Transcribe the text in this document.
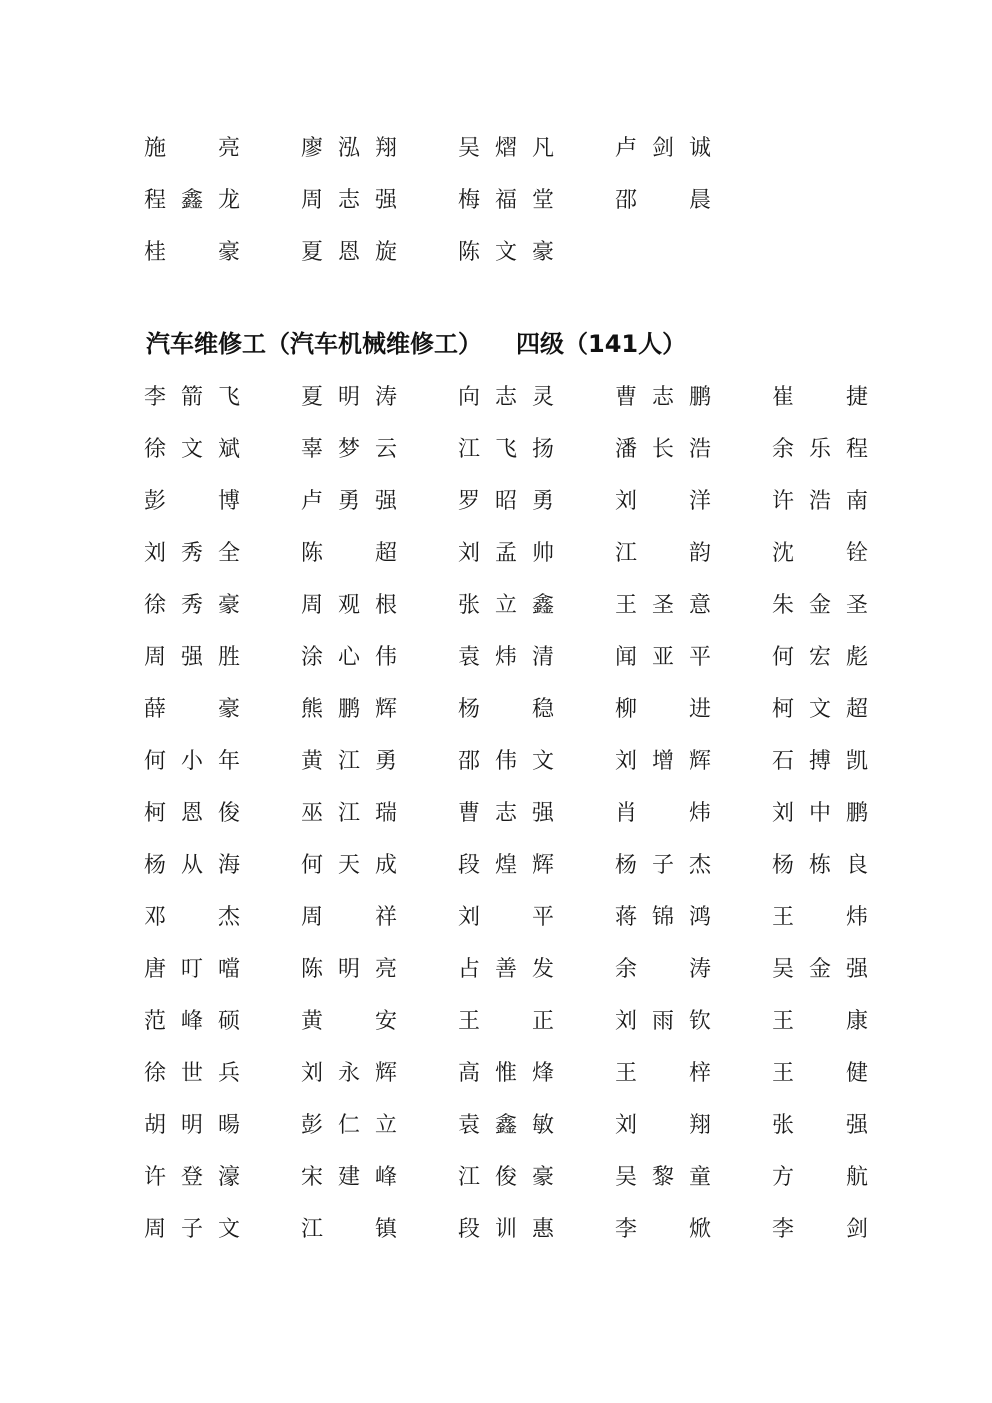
施 亮	廖 泓 翔	吴 熠 凡	卢 剑 诚
程 鑫 龙	周 志 强	梅 福 堂	邵 晨
桂 豪	夏 恩 旋	陈 文 豪
汽车维修工（汽车机械维修工） 四级（141人）
李 箭 飞	夏 明 涛	向 志 灵	曹 志 鹏	崔 捷
徐 文 斌	辜 梦 云	江 飞 扬	潘 长 浩	余 乐 程
彭 博	卢 勇 强	罗 昭 勇	刘 洋	许 浩 南
刘 秀 全	陈 超	刘 孟 帅	江 韵	沈 铨
徐 秀 豪	周 观 根	张 立 鑫	王 圣 意	朱 金 圣
周 强 胜	涂 心 伟	袁 炜 清	闻 亚 平	何 宏 彪
薛 豪	熊 鹏 辉	杨 稳	柳 进	柯 文 超
何 小 年	黄 江 勇	邵 伟 文	刘 增 辉	石 搏 凯
柯 恩 俊	巫 江 瑞	曹 志 强	肖 炜	刘 中 鹏
杨 从 海	何 天 成	段 煌 辉	杨 子 杰	杨 栋 良
邓 杰	周 祥	刘 平	蒋 锦 鸿	王 炜
唐 叮 噹	陈 明 亮	占 善 发	余 涛	吴 金 强
范 峰 硕	黄 安	王 正	刘 雨 钦	王 康
徐 世 兵	刘 永 辉	高 惟 烽	王 梓	王 健
胡 明 暘	彭 仁 立	袁 鑫 敏	刘 翔	张 强
许 登 濠	宋 建 峰	江 俊 豪	吴 黎 童	方 航
周 子 文	江 镇	段 训 惠	李 焮	李 剑
